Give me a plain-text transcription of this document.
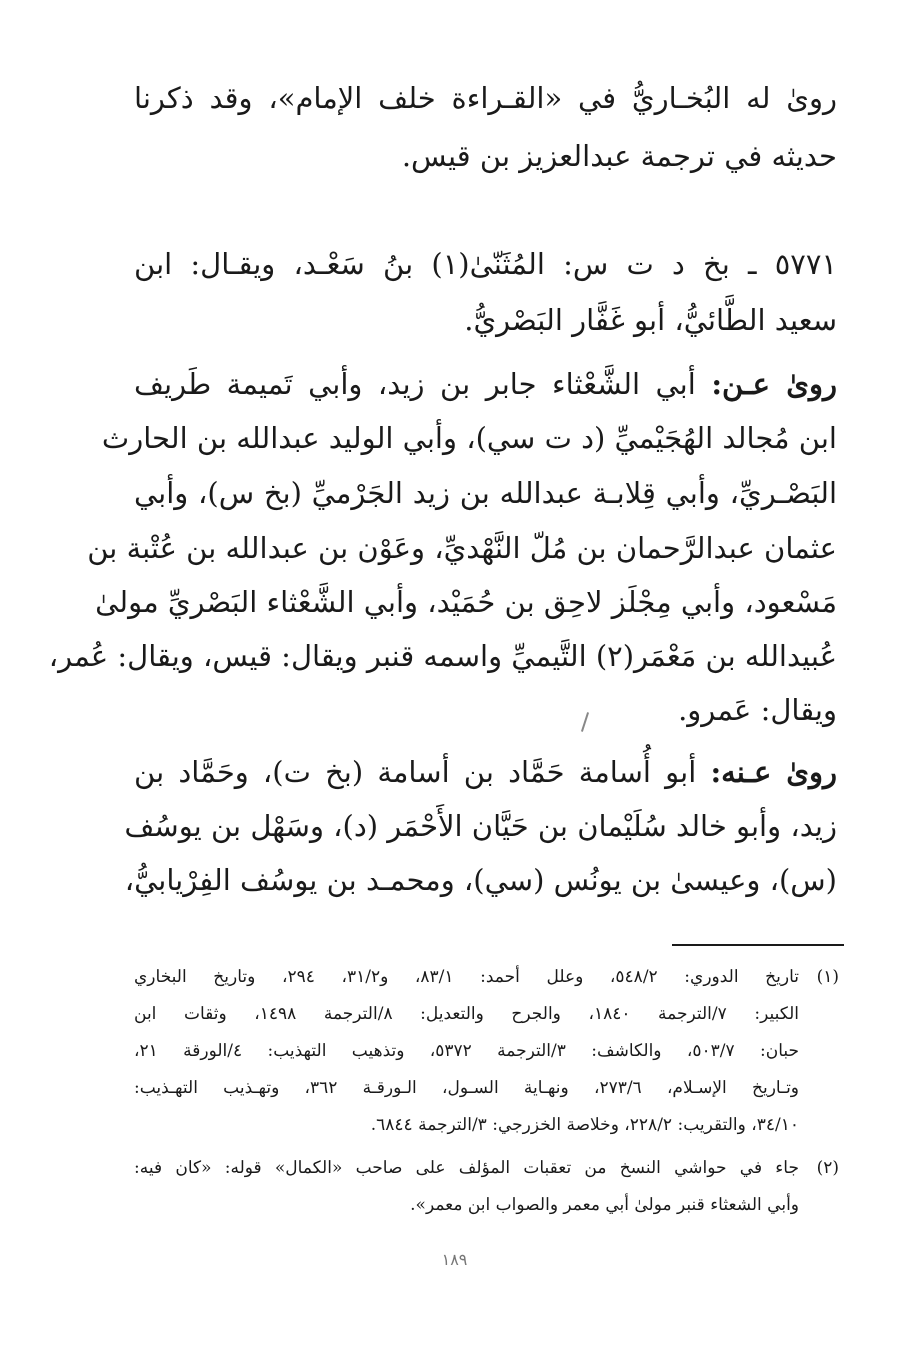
رویٰ له البُخـاريُّ في «القـراءة خلف الإمام»، وقد ذكرنا
حديثه في ترجمة عبدالعزيز بن قيس.
٥٧٧١ ـ بخ د ت س: المُثَنّیٰ(١) بنُ سَعْـد، ويقـال: ابن
سعيد الطَّائيُّ، أبو غَفَّار البَصْريُّ.
رویٰ عـن: أبي الشَّعْثاء جابر بن زيد، وأبي تَميمة طَريف
ابن مُجالد الهُجَيْميِّ (د ت سي)، وأبي الوليد عبدالله بن الحارث
البَصْـريِّ، وأبي قِلابـة عبدالله بن زيد الجَرْميِّ (بخ س)، وأبي
عثمان عبدالرَّحمان بن مُلّ النَّهْديِّ، وعَوْن بن عبدالله بن عُتْبة بن
مَسْعود، وأبي مِجْلَز لاحِق بن حُمَيْد، وأبي الشَّعْثاء البَصْريِّ مولیٰ
عُبيدالله بن مَعْمَر(٢) التَّيميِّ واسمه قنبر ويقال: قيس، ويقال: عُمر،
ويقال: عَمرو.
رویٰ عـنه: أبو أُسامة حَمَّاد بن أسامة (بخ ت)، وحَمَّاد بن
زيد، وأبو خالد سُلَيْمان بن حَيَّان الأَحْمَر (د)، وسَهْل بن يوسُف
(س)، وعيسیٰ بن يونُس (سي)، ومحمـد بن يوسُف الفِرْيابيُّ،
(١)
تاريخ الدوري: ٥٤٨/٢، وعلل أحمد: ٨٣/١، و٣١/٢، ٢٩٤، وتاريخ البخاري
الكبير: ٧/الترجمة ١٨٤٠، والجرح والتعديل: ٨/الترجمة ١٤٩٨، وثقات ابن
حبان: ٥٠٣/٧، والكاشف: ٣/الترجمة ٥٣٧٢، وتذهيب التهذيب: ٤/الورقة ٢١،
وتـاريخ الإسـلام، ٢٧٣/٦، ونهـاية السـول، الـورقـة ٣٦٢، وتهـذيب التهـذيب:
٣٤/١٠، والتقريب: ٢٢٨/٢، وخلاصة الخزرجي: ٣/الترجمة ٦٨٤٤.
(٢)
جاء في حواشي النسخ من تعقبات المؤلف على صاحب «الكمال» قوله: «كان فيه:
وأبي الشعثاء قنبر مولیٰ أبي معمر والصواب ابن معمر».
١٨٩
